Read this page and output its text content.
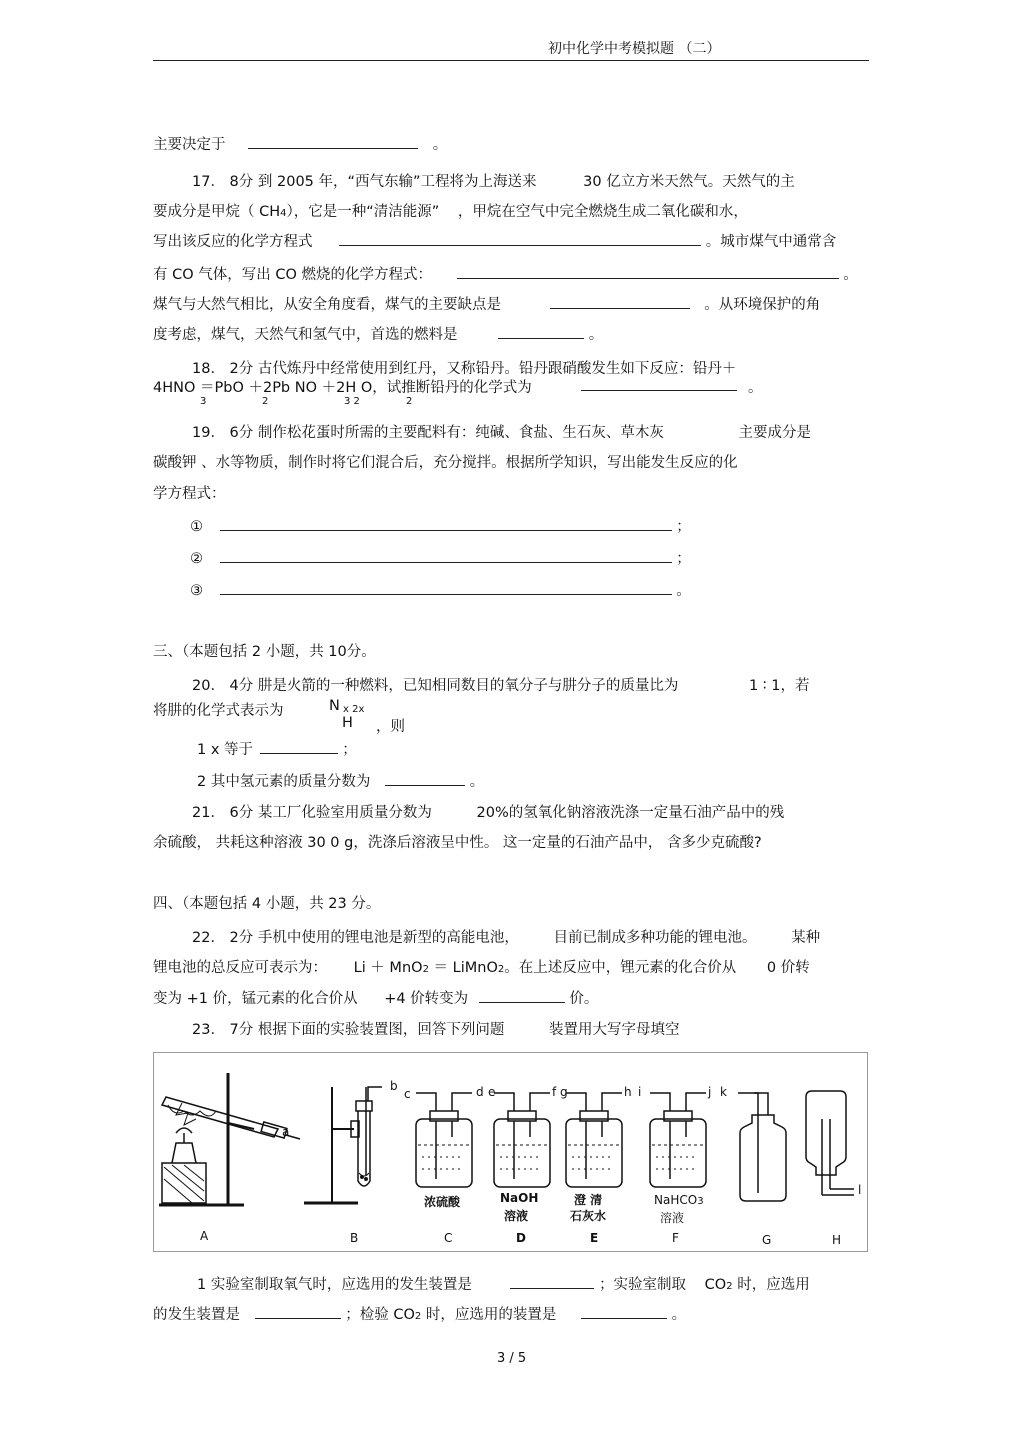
初中化学中考模拟题 （二）
主要决定于	。
17． 8分 到 2005 年，“西气东输”工程将为上海送来	30 亿立方米天然气。天然气的主
要成分是甲烷（ CH4），它是一种“清洁能源” ，甲烷在空气中完全燃烧生成二氧化碳和水，
写出该反应的化学方程式	。城市煤气中通常含
有 CO 气体，写出 CO 燃烧的化学方程式：	。
煤气与大然气相比，从安全角度看，煤气的主要缺点是	。从环境保护的角
度考虑，煤气，天然气和氢气中，首选的燃料是	。
18． 2分 古代炼丹中经常使用到红丹，又称铅丹。铅丹跟硝酸发生如下反应：铅丹＋
4HNO ＝PbO ＋2Pb NO ＋2H O，试推断铅丹的化学式为	。
3	2	3 2	2
19． 6分 制作松花蛋时所需的主要配料有：纯碱、食盐、生石灰、草木灰	主要成分是
碳酸钾 、水等物质，制作时将它们混合后，充分搅拌。根据所学知识，写出能发生反应的化
学方程式：
①	；
②	；
③	。
三、（本题包括 2 小题，共 10分。
20． 4分 肼是火箭的一种燃料，已知相同数目的氧分子与肼分子的质量比为	1 ∶ 1，若
将肼的化学式表示为	N x 2x
H ，则
1 x 等于	；
2 其中氢元素的质量分数为	。
21． 6分 某工厂化验室用质量分数为	20%的氢氧化钠溶液洗涤一定量石油产品中的残
余硫酸， 共耗这种溶液 30 0 g，洗涤后溶液呈中性。 这一定量的石油产品中， 含多少克硫酸?
四、（本题包括 4 小题，共 23 分。
22． 2分 手机中使用的锂电池是新型的高能电池， 目前已制成多种功能的锂电池。 某种
锂电池的总反应可表示为： Li ＋ MnO2 ＝ LiMnO2。在上述反应中，锂元素的化合价从 0 价转
变为 +1 价，锰元素的化合价从 +4 价转变为	价。
23． 7分 根据下面的实验装置图，回答下列问题	装置用大写字母填空
a
b
c	d e	f g	h i	j k
l
浓硫酸	NaOH
溶液
澄 清
石灰水
NaHCO3
溶液
A	B	C	D	E	F	G	H
1 实验室制取氧气时，应选用的发生装置是	；实验室制取 CO2 时，应选用
的发生装置是	；检验 CO2 时，应选用的装置是	。
3 / 5
